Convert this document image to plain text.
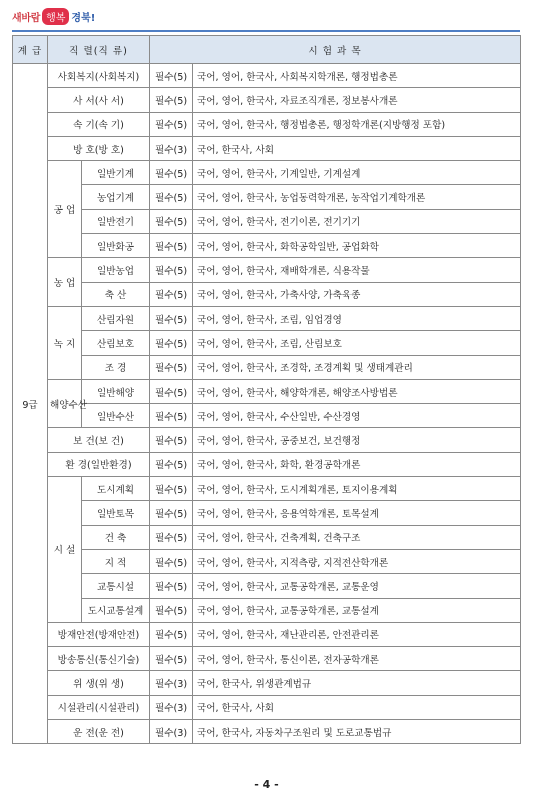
새바람 행복 경북!
계 급	직 렬(직 류)		시 험 과 목	
9급	사회복지(사회복지)		필수(5)	국어, 영어, 한국사, 사회복지학개론, 행정법총론
	사 서(사 서)		필수(5)	국어, 영어, 한국사, 자료조직개론, 정보봉사개론
	속 기(속 기)		필수(5)	국어, 영어, 한국사, 행정법총론, 행정학개론(지방행정 포함)
	방 호(방 호)		필수(3)	국어, 한국사, 사회
	공 업	일반기계	필수(5)	국어, 영어, 한국사, 기계일반, 기계설계
		농업기계	필수(5)	국어, 영어, 한국사, 농업동력학개론, 농작업기계학개론
		일반전기	필수(5)	국어, 영어, 한국사, 전기이론, 전기기기
		일반화공	필수(5)	국어, 영어, 한국사, 화학공학일반, 공업화학
	농 업	일반농업	필수(5)	국어, 영어, 한국사, 재배학개론, 식용작물
		축 산	필수(5)	국어, 영어, 한국사, 가축사양, 가축육종
	녹 지	산림자원	필수(5)	국어, 영어, 한국사, 조림, 임업경영
		산림보호	필수(5)	국어, 영어, 한국사, 조림, 산림보호
		조 경	필수(5)	국어, 영어, 한국사, 조경학, 조경계획 및 생태계관리
	해양수산	일반해양	필수(5)	국어, 영어, 한국사, 해양학개론, 해양조사방법론
		일반수산	필수(5)	국어, 영어, 한국사, 수산일반, 수산경영
	보 건(보 건)		필수(5)	국어, 영어, 한국사, 공중보건, 보건행정
	환 경(일반환경)		필수(5)	국어, 영어, 한국사, 화학, 환경공학개론
	시 설	도시계획	필수(5)	국어, 영어, 한국사, 도시계획개론, 토지이용계획
		일반토목	필수(5)	국어, 영어, 한국사, 응용역학개론, 토목설계
		건 축	필수(5)	국어, 영어, 한국사, 건축계획, 건축구조
		지 적	필수(5)	국어, 영어, 한국사, 지적측량, 지적전산학개론
		교통시설	필수(5)	국어, 영어, 한국사, 교통공학개론, 교통운영
		도시교통설계	필수(5)	국어, 영어, 한국사, 교통공학개론, 교통설계
	방재안전(방재안전)		필수(5)	국어, 영어, 한국사, 재난관리론, 안전관리론
	방송통신(통신기술)		필수(5)	국어, 영어, 한국사, 통신이론, 전자공학개론
	위 생(위 생)		필수(3)	국어, 한국사, 위생관계법규
	시설관리(시설관리)		필수(3)	국어, 한국사, 사회
	운 전(운 전)		필수(3)	국어, 한국사, 자동차구조원리 및 도로교통법규
- 4 -
